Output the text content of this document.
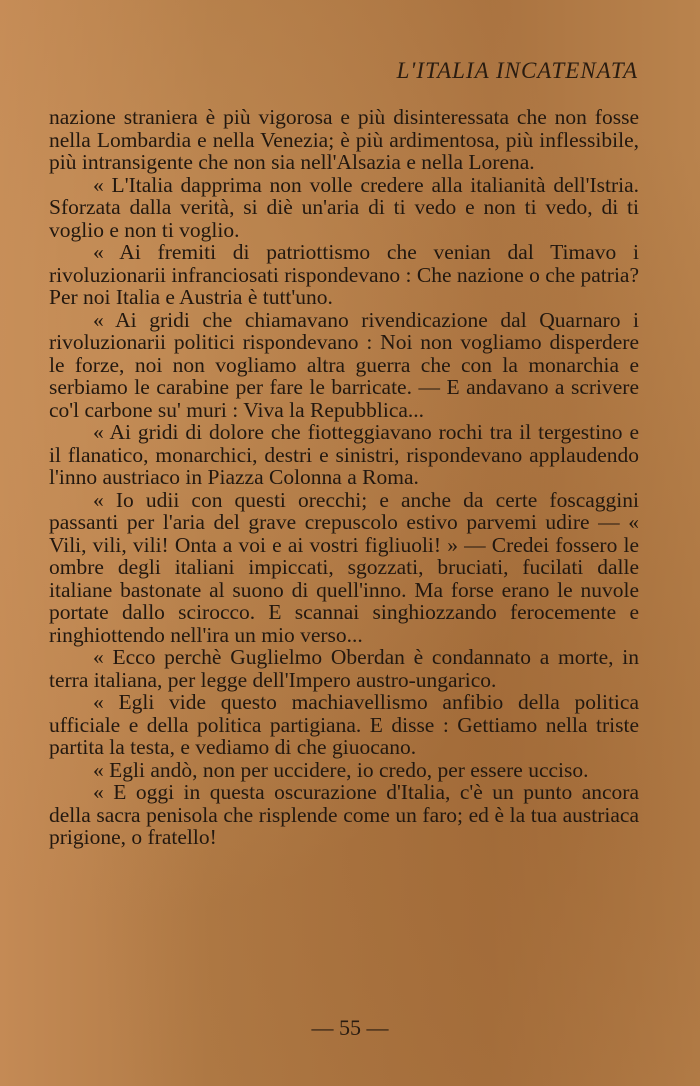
L'ITALIA INCATENATA

nazione straniera è più vigorosa e più disinteressata che non fosse nella Lombardia e nella Venezia; è più ardimentosa, più inflessibile, più intransigente che non sia nell'Alsazia e nella Lorena.

« L'Italia dapprima non volle credere alla italianità dell'Istria. Sforzata dalla verità, si diè un'aria di ti vedo e non ti vedo, di ti voglio e non ti voglio.

« Ai fremiti di patriottismo che venian dal Timavo i rivoluzionarii infranciosati rispondevano : Che nazione o che patria? Per noi Italia e Austria è tutt'uno.

« Ai gridi che chiamavano rivendicazione dal Quarnaro i rivoluzionarii politici rispondevano : Noi non vogliamo disperdere le forze, noi non vogliamo altra guerra che con la monarchia e serbiamo le carabine per fare le barricate. — E andavano a scrivere co'l carbone su' muri : Viva la Repubblica...

« Ai gridi di dolore che fiotteggiavano rochi tra il tergestino e il flanatico, monarchici, destri e sinistri, rispondevano applaudendo l'inno austriaco in Piazza Colonna a Roma.

« Io udii con questi orecchi; e anche da certe foscaggini passanti per l'aria del grave crepuscolo estivo parvemi udire — « Vili, vili, vili! Onta a voi e ai vostri figliuoli! » — Credei fossero le ombre degli italiani impiccati, sgozzati, bruciati, fucilati dalle italiane bastonate al suono di quell'inno. Ma forse erano le nuvole portate dallo scirocco. E scannai singhiozzando ferocemente e ringhiottendo nell'ira un mio verso...

« Ecco perchè Guglielmo Oberdan è condannato a morte, in terra italiana, per legge dell'Impero austro-ungarico.

« Egli vide questo machiavellismo anfibio della politica ufficiale e della politica partigiana. E disse : Gettiamo nella triste partita la testa, e vediamo di che giuocano.

« Egli andò, non per uccidere, io credo, per essere ucciso.

« E oggi in questa oscurazione d'Italia, c'è un punto ancora della sacra penisola che risplende come un faro; ed è la tua austriaca prigione, o fratello!

— 55 —
